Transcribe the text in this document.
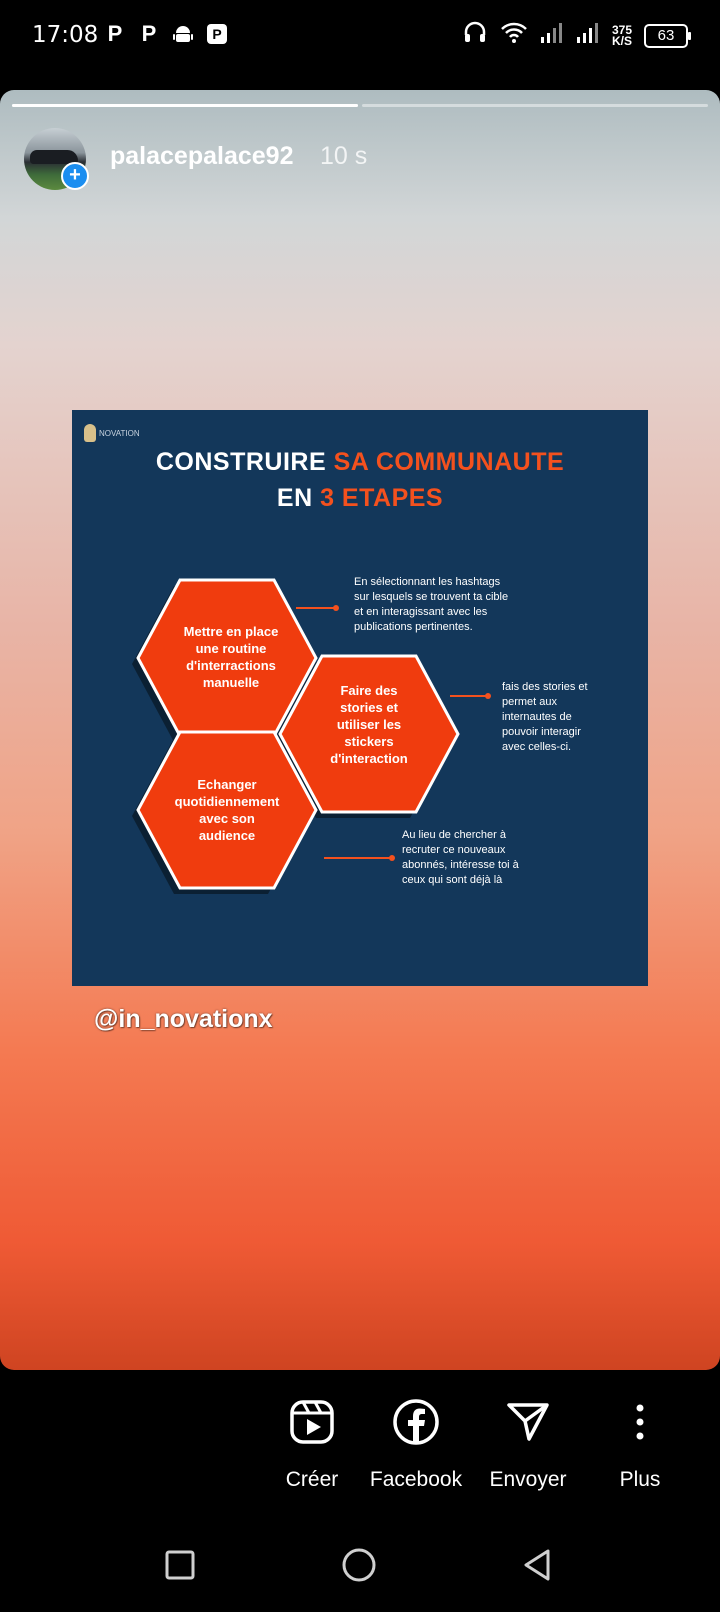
17:08 P P	P	375
K/S	63
+
palacepalace92 10 s
NOVATION
CONSTRUIRE SA COMMUNAUTE
EN 3 ETAPES
Mettre en place
une routine
d'interractions
manuelle
Faire des
stories et
utiliser les
stickers
d'interaction
Echanger
quotidiennement
avec son
audience
En sélectionnant les hashtags
sur lesquels se trouvent ta cible
et en interagissant avec les
publications pertinentes.
fais des stories et
permet aux
internautes de
pouvoir interagir
avec celles-ci.
Au lieu de chercher à
recruter ce nouveaux
abonnés, intéresse toi à
ceux qui sont déjà là
@in_novationx
Créer	Facebook	Envoyer	Plus
